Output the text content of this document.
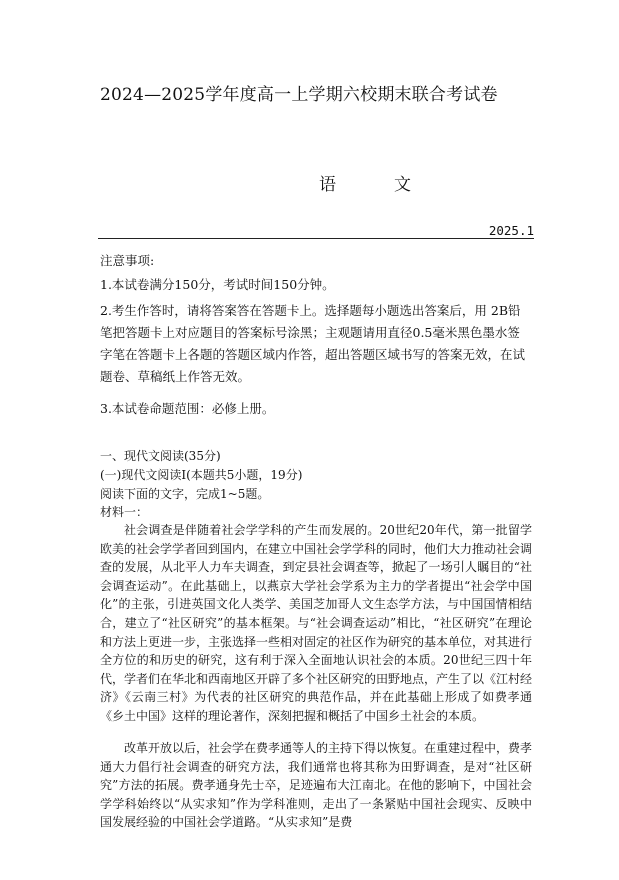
2024—2025学年度高一上学期六校期末联合考试卷
语	文
2025.1
注意事项:
1.本试卷满分150分，考试时间150分钟。
2.考生作答时，请将答案答在答题卡上。选择题每小题选出答案后，用 2B铅笔把答题卡上对应题目的答案标号涂黑；主观题请用直径0.5毫米黑色墨水签字笔在答题卡上各题的答题区域内作答，超出答题区域书写的答案无效，在试题卷、草稿纸上作答无效。
3.本试卷命题范围：必修上册。
一、现代文阅读(35分)
(一)现代文阅读Ⅰ(本题共5小题，19分)
阅读下面的文字，完成1~5题。
材料一：
社会调查是伴随着社会学学科的产生而发展的。20世纪20年代，第一批留学欧美的社会学学者回到国内，在建立中国社会学学科的同时，他们大力推动社会调查的发展，从北平人力车夫调查，到定县社会调查等，掀起了一场引人瞩目的“社会调查运动”。在此基础上，以燕京大学社会学系为主力的学者提出“社会学中国化”的主张，引进英国文化人类学、美国芝加哥人文生态学方法，与中国国情相结合，建立了“社区研究”的基本框架。与“社会调查运动”相比，“社区研究”在理论和方法上更进一步，主张选择一些相对固定的社区作为研究的基本单位，对其进行全方位的和历史的研究，这有利于深入全面地认识社会的本质。20世纪三四十年代，学者们在华北和西南地区开辟了多个社区研究的田野地点，产生了以《江村经济》《云南三村》为代表的社区研究的典范作品，并在此基础上形成了如费孝通《乡土中国》这样的理论著作，深刻把握和概括了中国乡土社会的本质。
改革开放以后，社会学在费孝通等人的主持下得以恢复。在重建过程中，费孝通大力倡行社会调查的研究方法，我们通常也将其称为田野调查，是对“社区研究”方法的拓展。费孝通身先士卒，足迹遍布大江南北。在他的影响下，中国社会学学科始终以“从实求知”作为学科准则，走出了一条紧贴中国社会现实、反映中国发展经验的中国社会学道路。“从实求知”是费
